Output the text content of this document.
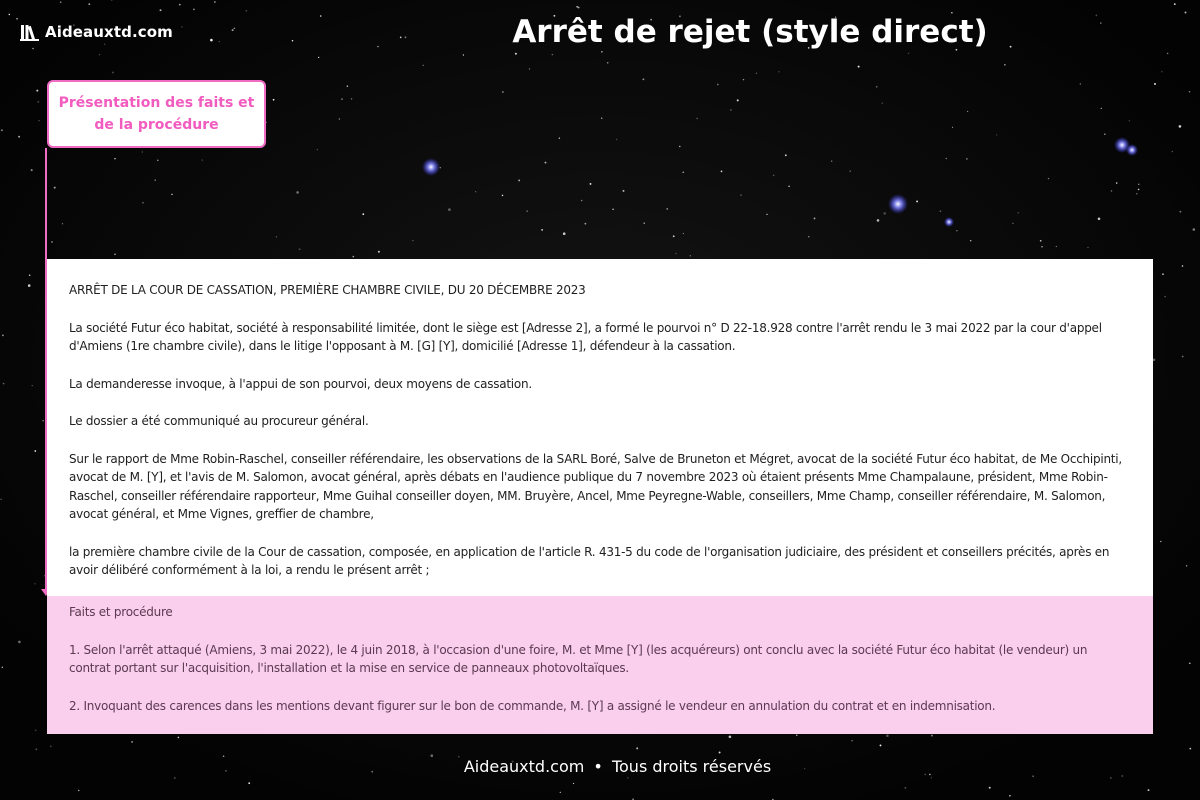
Aideauxtd.com	Arrêt de rejet (style direct)
Présentation des faits et de la procédure

ARRÊT DE LA COUR DE CASSATION, PREMIÈRE CHAMBRE CIVILE, DU 20 DÉCEMBRE 2023

La société Futur éco habitat, société à responsabilité limitée, dont le siège est [Adresse 2], a formé le pourvoi n° D 22-18.928 contre l'arrêt rendu le 3 mai 2022 par la cour d'appel d'Amiens (1re chambre civile), dans le litige l'opposant à M. [G] [Y], domicilié [Adresse 1], défendeur à la cassation.

La demanderesse invoque, à l'appui de son pourvoi, deux moyens de cassation.

Le dossier a été communiqué au procureur général.

Sur le rapport de Mme Robin-Raschel, conseiller référendaire, les observations de la SARL Boré, Salve de Bruneton et Mégret, avocat de la société Futur éco habitat, de Me Occhipinti, avocat de M. [Y], et l'avis de M. Salomon, avocat général, après débats en l'audience publique du 7 novembre 2023 où étaient présents Mme Champalaune, président, Mme Robin-Raschel, conseiller référendaire rapporteur, Mme Guihal conseiller doyen, MM. Bruyère, Ancel, Mme Peyregne-Wable, conseillers, Mme Champ, conseiller référendaire, M. Salomon, avocat général, et Mme Vignes, greffier de chambre,

la première chambre civile de la Cour de cassation, composée, en application de l'article R. 431-5 du code de l'organisation judiciaire, des président et conseillers précités, après en avoir délibéré conformément à la loi, a rendu le présent arrêt ;

Faits et procédure

1. Selon l'arrêt attaqué (Amiens, 3 mai 2022), le 4 juin 2018, à l'occasion d'une foire, M. et Mme [Y] (les acquéreurs) ont conclu avec la société Futur éco habitat (le vendeur) un contrat portant sur l'acquisition, l'installation et la mise en service de panneaux photovoltaïques.

2. Invoquant des carences dans les mentions devant figurer sur le bon de commande, M. [Y] a assigné le vendeur en annulation du contrat et en indemnisation.

Aideauxtd.com • Tous droits réservés
